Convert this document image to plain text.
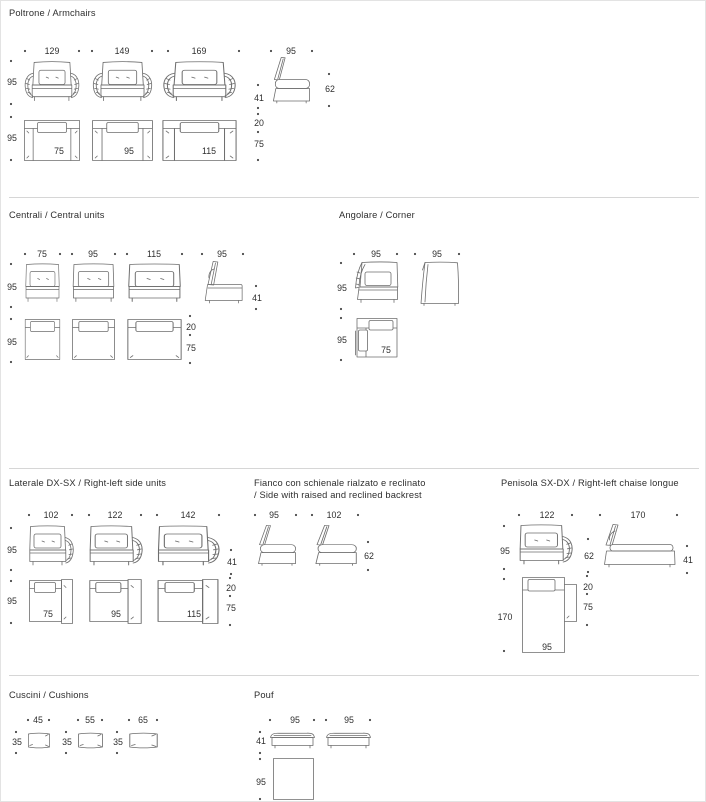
Poltrone / Armchairs
129	149	169	95
95
41
62
95
20
75
75	95	115
Centrali / Central units
75	95	115	95
95
41
95
20
75
Angolare / Corner
95	95
95
95
75
Laterale DX-SX / Right-left side units
102	122	142
95
41
95
20
75
75	95	115
Fianco con schienale rialzato e reclinato
/ Side with raised and reclined backrest
95	102
62
Penisola SX-DX / Right-left chaise longue
122	170
95	62	41
170
20
75
95
Cuscini / Cushions
45	55	65
35	35	35
Pouf
95	95
41
95
